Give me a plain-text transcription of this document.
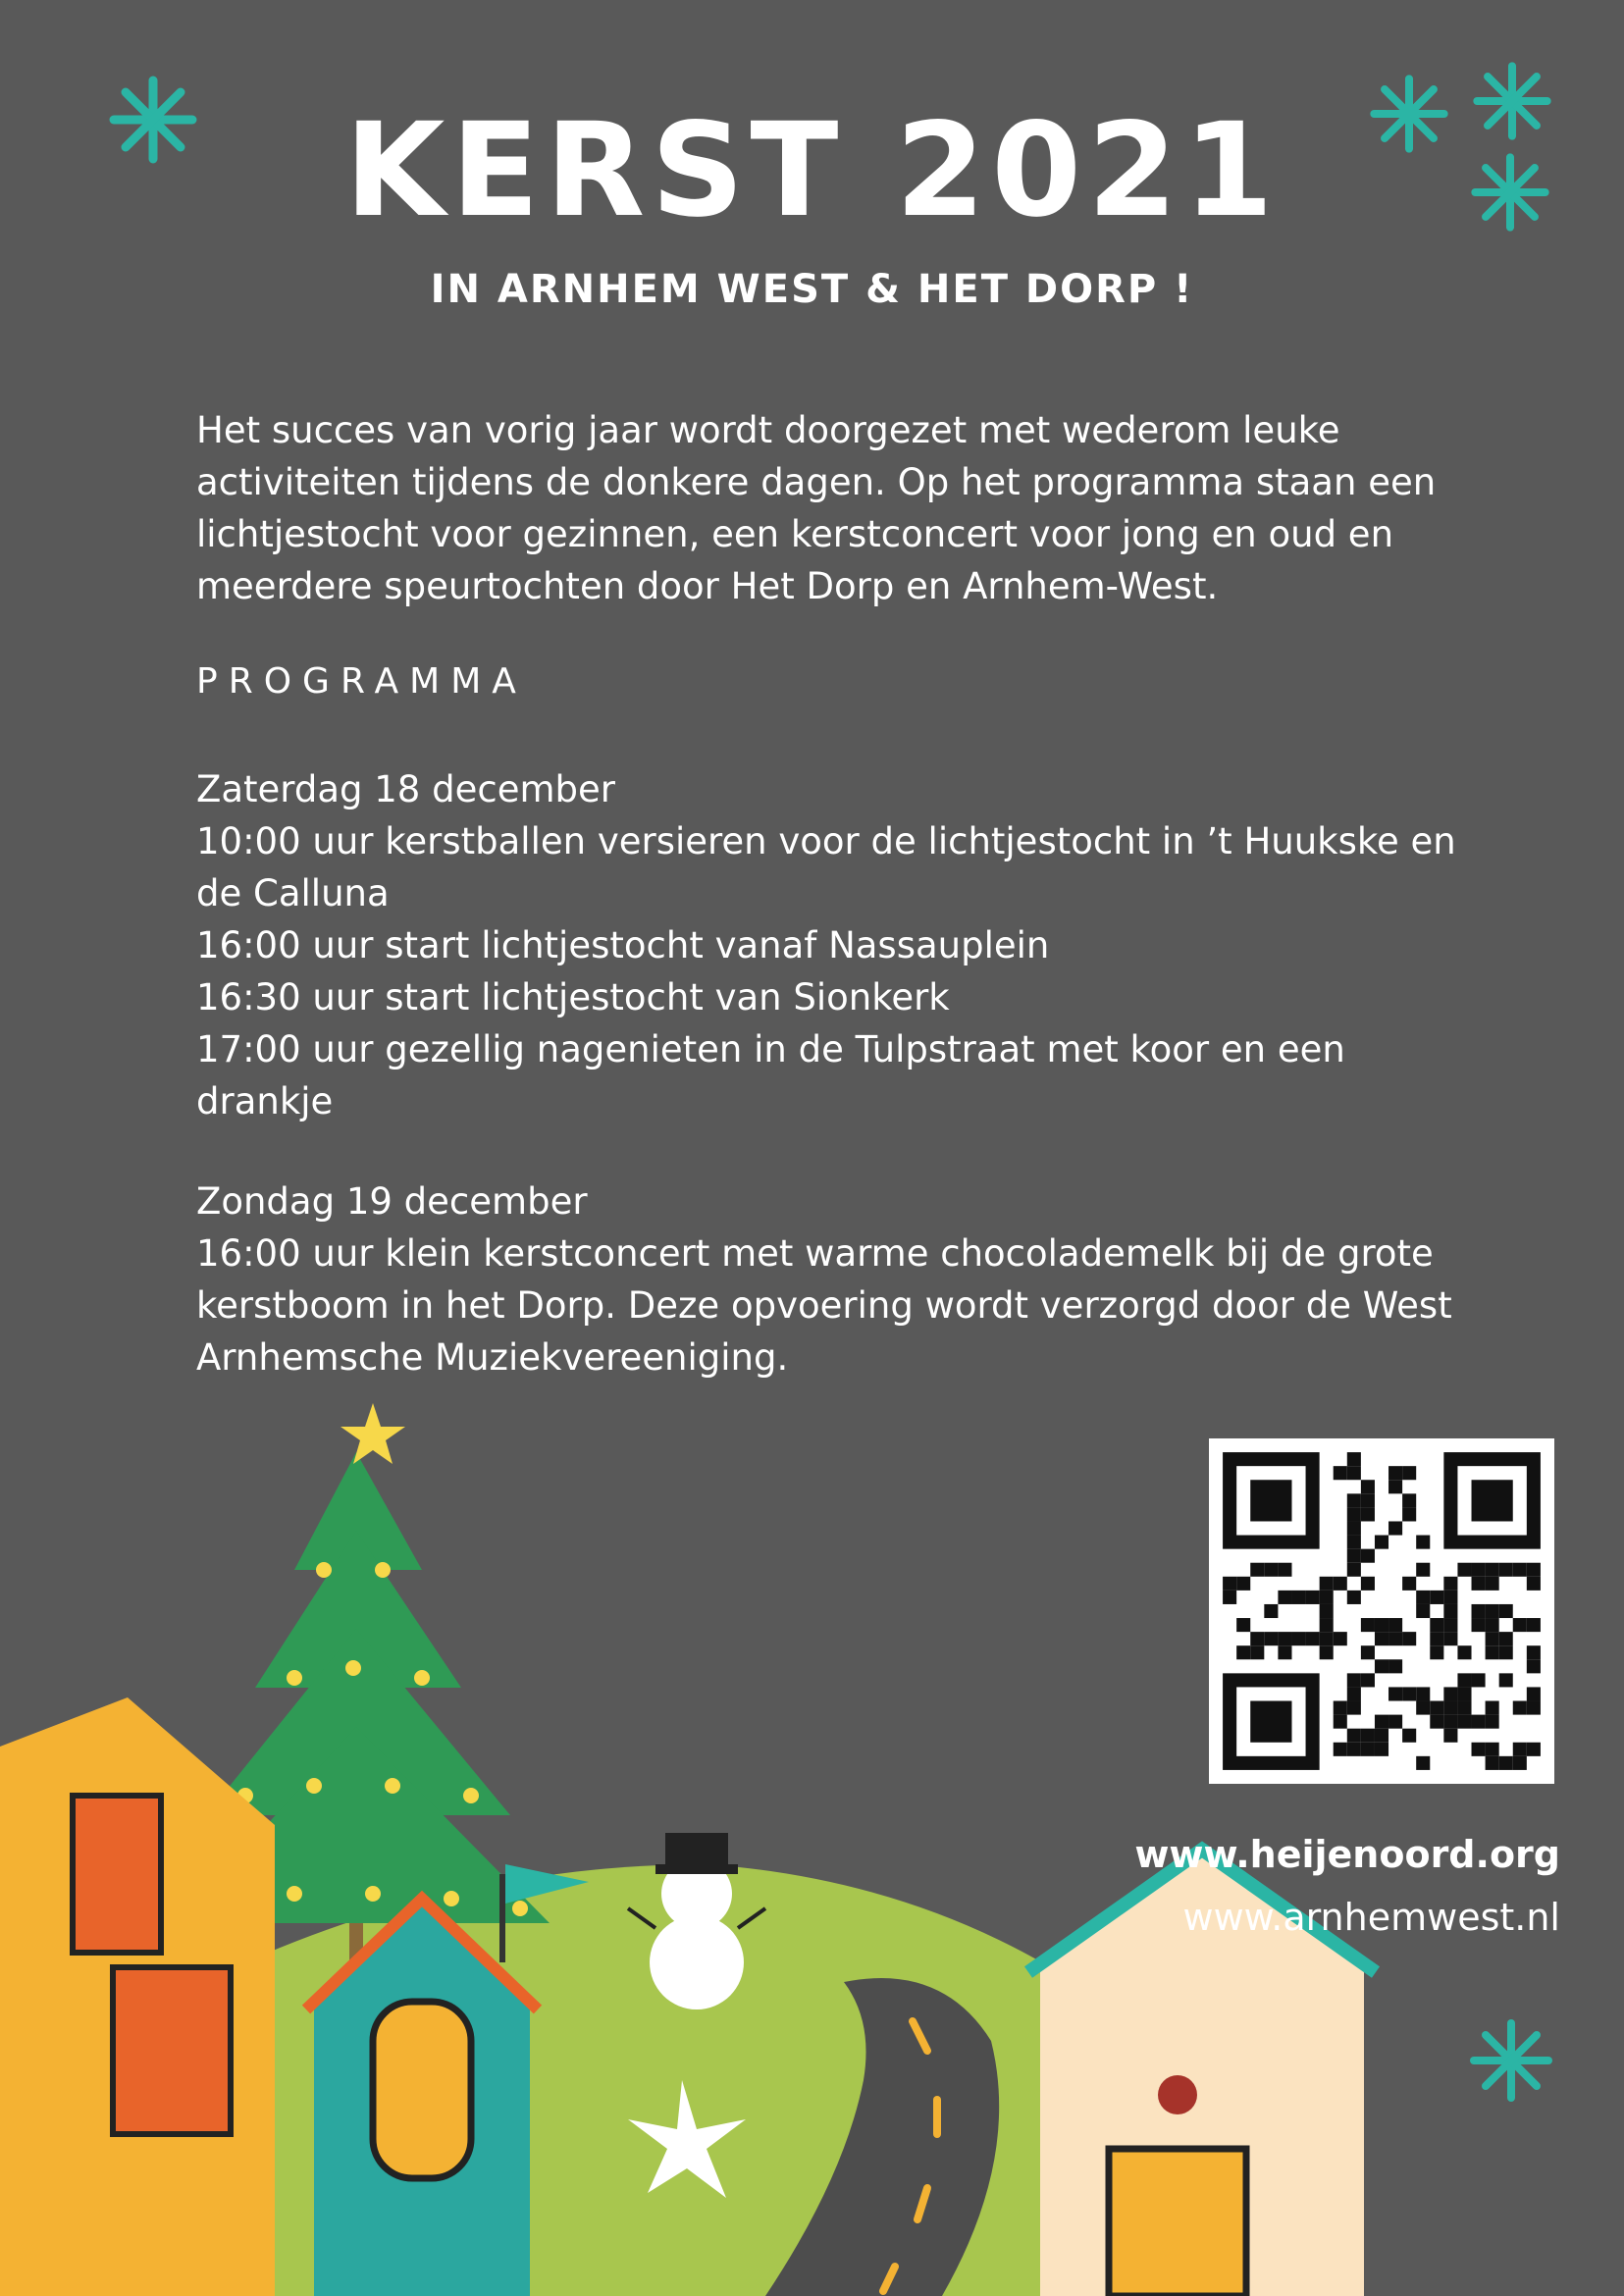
KERST 2021
IN ARNHEM WEST & HET DORP !
Het succes van vorig jaar wordt doorgezet met wederom leuke
activiteiten tijdens de donkere dagen. Op het programma staan een
lichtjestocht voor gezinnen, een kerstconcert voor jong en oud en
meerdere speurtochten door Het Dorp en Arnhem-West.
PROGRAMMA

Zaterdag 18 december

10:00 uur kerstballen versieren voor de lichtjestocht in ’t Huukske en

de Calluna

16:00 uur start lichtjestocht vanaf Nassauplein

16:30 uur start lichtjestocht van Sionkerk

17:00 uur gezellig nagenieten in de Tulpstraat met koor en een

drankje

Zondag 19 december

16:00 uur klein kerstconcert met warme chocolademelk bij de grote

kerstboom in het Dorp. Deze opvoering wordt verzorgd door de West

Arnhemsche Muziekvereeniging.

www.heijenoord.org
www.arnhemwest.nl
